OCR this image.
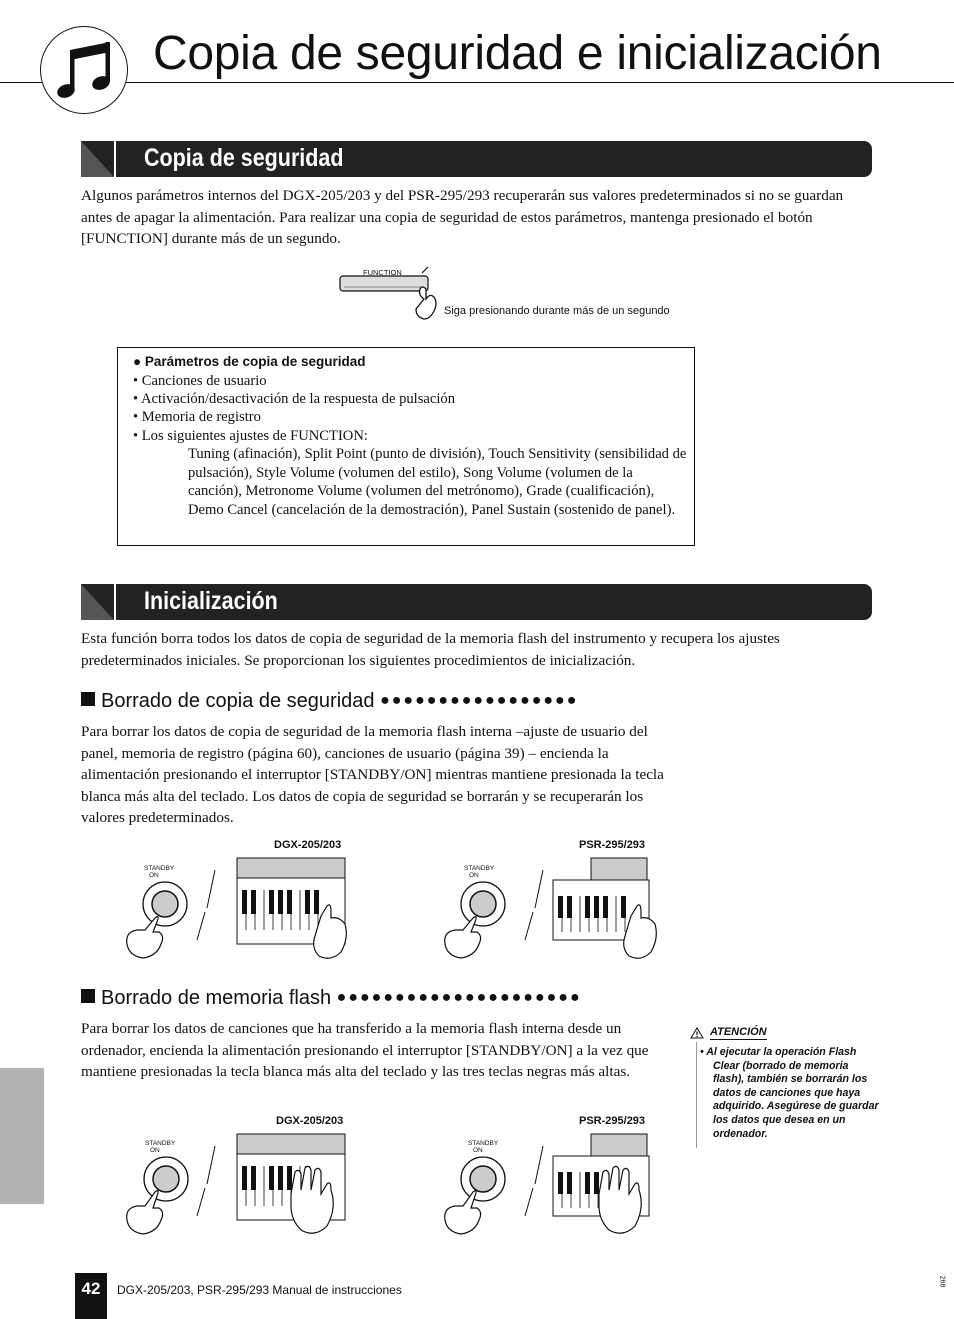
Copia de seguridad e inicialización
Copia de seguridad
Algunos parámetros internos del DGX-205/203 y del PSR-295/293 recuperarán sus valores predeterminados si no se guardan antes de apagar la alimentación. Para realizar una copia de seguridad de estos parámetros, mantenga presionado el botón [FUNCTION] durante más de un segundo.
FUNCTION
Siga presionando durante más de un segundo
● Parámetros de copia de seguridad
• Canciones de usuario
• Activación/desactivación de la respuesta de pulsación
• Memoria de registro
• Los siguientes ajustes de FUNCTION:
Tuning (afinación), Split Point (punto de división), Touch Sensitivity (sensibilidad de pulsación), Style Volume (volumen del estilo), Song Volume (volumen de la canción), Metronome Volume (volumen del metrónomo), Grade (cualificación), Demo Cancel (cancelación de la demostración), Panel Sustain (sostenido de panel).
Inicialización
Esta función borra todos los datos de copia de seguridad de la memoria flash del instrumento y recupera los ajustes predeterminados iniciales. Se proporcionan los siguientes procedimientos de inicialización.
Borrado de copia de seguridad ●●●●●●●●●●●●●●●●●
Para borrar los datos de copia de seguridad de la memoria flash interna –ajuste de usuario del panel, memoria de registro (página 60), canciones de usuario (página 39) – encienda la alimentación presionando el interruptor [STANDBY/ON] mientras mantiene presionada la tecla blanca más alta del teclado. Los datos de copia de seguridad se borrarán y se recuperarán los valores predeterminados.
DGX-205/203	PSR-295/293
STANDBY
ON
STANDBY
ON
Borrado de memoria flash ●●●●●●●●●●●●●●●●●●●●●
Para borrar los datos de canciones que ha transferido a la memoria flash interna desde un ordenador, encienda la alimentación presionando el interruptor [STANDBY/ON] a la vez que mantiene presionadas la tecla blanca más alta del teclado y las tres teclas negras más altas.
DGX-205/203	PSR-295/293
STANDBY
ON
STANDBY
ON
ATENCIÓN
• Al ejecutar la operación Flash Clear (borrado de memoria flash), también se borrarán los datos de canciones que haya adquirido. Asegúrese de guardar los datos que desea en un ordenador.
42	DGX-205/203, PSR-295/293 Manual de instrucciones
268
